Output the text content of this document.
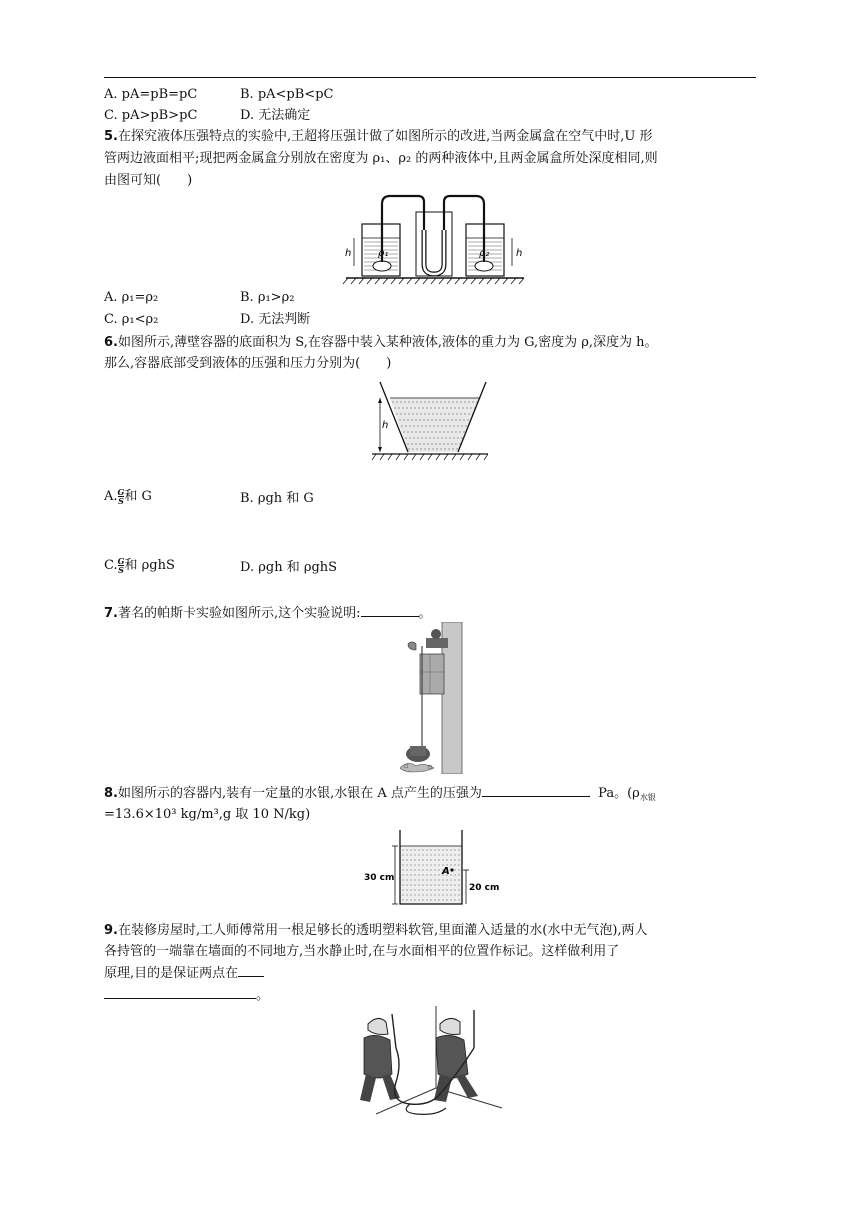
A. pA=pB=pC	B. pA<pB<pC
C. pA>pB>pC	D. 无法确定
5.在探究液体压强特点的实验中,王超将压强计做了如图所示的改进,当两金属盒在空气中时,U 形
管两边液面相平;现把两金属盒分别放在密度为 ρ₁、ρ₂ 的两种液体中,且两金属盒所处深度相同,则
由图可知(　　)
ρ₁
h	ρ₂	h
A. ρ₁=ρ₂	B. ρ₁>ρ₂
C. ρ₁<ρ₂	D. 无法判断
6.如图所示,薄壁容器的底面积为 S,在容器中装入某种液体,液体的重力为 G,密度为 ρ,深度为 h。
那么,容器底部受到液体的压强和压力分别为(　　)
h
A. $\frac{G}{S}$ 和 G	B. ρgh 和 G
C. $\frac{G}{S}$ 和 ρghS	D. ρgh 和 ρghS
7.著名的帕斯卡实验如图所示,这个实验说明:	。
8.如图所示的容器内,装有一定量的水银,水银在 A 点产生的压强为	Pa。($\rho_{水银}$
=13.6×10³ kg/m³,g 取 10 N/kg)
30 cm
A
20 cm
9.在装修房屋时,工人师傅常用一根足够长的透明塑料软管,里面灌入适量的水(水中无气泡),两人
各持管的一端靠在墙面的不同地方,当水静止时,在与水面相平的位置作标记。这样做利用了
原理,目的是保证两点在
。
